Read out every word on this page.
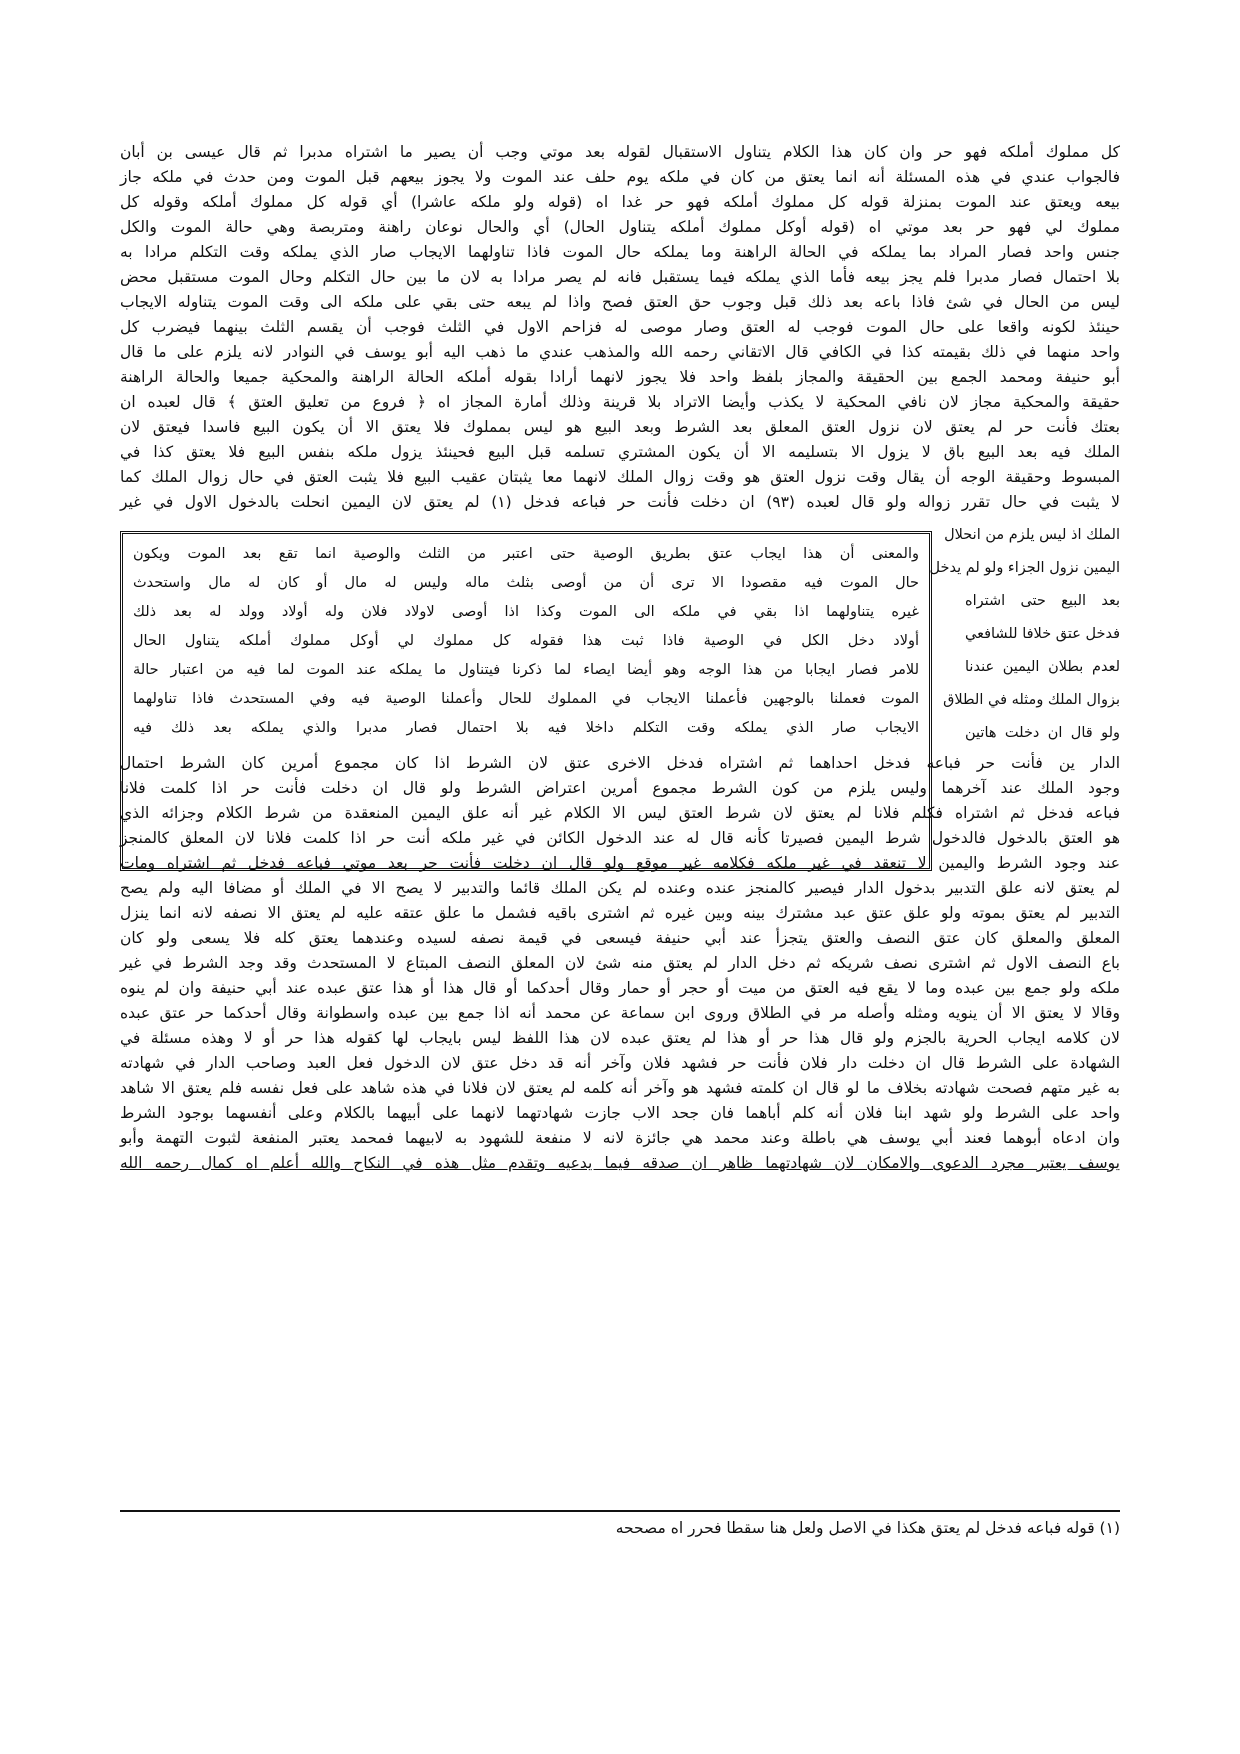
كل مملوك أملكه فهو حر وان كان هذا الكلام يتناول الاستقبال لقوله بعد موتي وجب أن يصير ما اشتراه مدبرا ثم قال عيسى بن أبان
فالجواب عندي في هذه المسئلة أنه انما يعتق من كان في ملكه يوم حلف عند الموت ولا يجوز بيعهم قبل الموت ومن حدث في ملكه جاز
بيعه ويعتق عند الموت بمنزلة قوله كل مملوك أملكه فهو حر غدا اه (قوله ولو ملكه عاشرا) أي قوله كل مملوك أملكه وقوله كل
مملوك لي فهو حر بعد موتي اه (قوله أوكل مملوك أملكه يتناول الحال) أي والحال نوعان راهنة ومتربصة وهي حالة الموت والكل
جنس واحد فصار المراد بما يملكه في الحالة الراهنة وما يملكه حال الموت فاذا تناولهما الايجاب صار الذي يملكه وقت التكلم مرادا به
بلا احتمال فصار مدبرا فلم يجز بيعه فأما الذي يملكه فيما يستقبل فانه لم يصر مرادا به لان ما بين حال التكلم وحال الموت مستقبل محض
ليس من الحال في شئ فاذا باعه بعد ذلك قبل وجوب حق العتق فصح واذا لم يبعه حتى بقي على ملكه الى وقت الموت يتناوله الايجاب
حينئذ لكونه واقعا على حال الموت فوجب له العتق وصار موصى له فزاحم الاول في الثلث فوجب أن يقسم الثلث بينهما فيضرب كل
واحد منهما في ذلك بقيمته كذا في الكافي قال الاتقاني رحمه الله والمذهب عندي ما ذهب اليه أبو يوسف في النوادر لانه يلزم على ما قال
أبو حنيفة ومحمد الجمع بين الحقيقة والمجاز بلفظ واحد فلا يجوز لانهما أرادا بقوله أملكه الحالة الراهنة والمحكية جميعا والحالة الراهنة
حقيقة والمحكية مجاز لان نافي المحكية لا يكذب وأيضا الاتراد بلا قرينة وذلك أمارة المجاز اه ﴿ فروع من تعليق العتق ﴾ قال لعبده ان
بعتك فأنت حر لم يعتق لان نزول العتق المعلق بعد الشرط وبعد البيع هو ليس بمملوك فلا يعتق الا أن يكون البيع فاسدا فيعتق لان
الملك فيه بعد البيع باق لا يزول الا بتسليمه الا أن يكون المشتري تسلمه قبل البيع فحينئذ يزول ملكه بنفس البيع فلا يعتق كذا في
المبسوط وحقيقة الوجه أن يقال وقت نزول العتق هو وقت زوال الملك لانهما معا يثبتان عقيب البيع فلا يثبت العتق في حال زوال الملك كما
لا يثبت في حال تقرر زواله ولو قال لعبده (٩٣) ان دخلت فأنت حر فباعه فدخل (١) لم يعتق لان اليمين انحلت بالدخول الاول في غير
الملك اذ ليس يلزم من انحلال
اليمين نزول الجزاء ولو لم يدخل
بعد البيع حتى اشتراه
فدخل عتق خلافا للشافعي
لعدم بطلان اليمين عندنا
بزوال الملك ومثله في الطلاق
ولو قال ان دخلت هاتين
والمعنى أن هذا ايجاب عتق بطريق الوصية حتى اعتبر من الثلث والوصية انما تقع بعد الموت ويكون
حال الموت فيه مقصودا الا ترى أن من أوصى بثلث ماله وليس له مال أو كان له مال واستحدث
غيره يتناولهما اذا بقي في ملكه الى الموت وكذا اذا أوصى لاولاد فلان وله أولاد وولد له بعد ذلك
أولاد دخل الكل في الوصية فاذا ثبت هذا فقوله كل مملوك لي أوكل مملوك أملكه يتناول الحال
للامر فصار ايجابا من هذا الوجه وهو أيضا ايصاء لما ذكرنا فيتناول ما يملكه عند الموت لما فيه من اعتبار حالة
الموت فعملنا بالوجهين فأعملنا الايجاب في المملوك للحال وأعملنا الوصية فيه وفي المستحدث فاذا تناولهما
الايجاب صار الذي يملكه وقت التكلم داخلا فيه بلا احتمال فصار مدبرا والذي يملكه بعد ذلك فيه
الدار ين فأنت حر فباعه فدخل احداهما ثم اشتراه فدخل الاخرى عتق لان الشرط اذا كان مجموع أمرين كان الشرط احتمال
وجود الملك عند آخرهما وليس يلزم من كون الشرط مجموع أمرين اعتراض الشرط ولو قال ان دخلت فأنت حر اذا كلمت فلانا
فباعه فدخل ثم اشتراه فكلم فلانا لم يعتق لان شرط العتق ليس الا الكلام غير أنه علق اليمين المنعقدة من شرط الكلام وجزائه الذي
هو العتق بالدخول فالدخول شرط اليمين فصيرتا كأنه قال له عند الدخول الكائن في غير ملكه أنت حر اذا كلمت فلانا لان المعلق كالمنجز
عند وجود الشرط واليمين لا تنعقد في غير ملكه فكلامه غير موقع ولو قال ان دخلت فأنت حر بعد موتي فباعه فدخل ثم اشتراه ومات
لم يعتق لانه علق التدبير بدخول الدار فيصير كالمنجز عنده وعنده لم يكن الملك قائما والتدبير لا يصح الا في الملك أو مضافا اليه ولم يصح
التدبير لم يعتق بموته ولو علق عتق عبد مشترك بينه وبين غيره ثم اشترى باقيه فشمل ما علق عتقه عليه لم يعتق الا نصفه لانه انما ينزل
المعلق والمعلق كان عتق النصف والعتق يتجزأ عند أبي حنيفة فيسعى في قيمة نصفه لسيده وعندهما يعتق كله فلا يسعى ولو كان
باع النصف الاول ثم اشترى نصف شريكه ثم دخل الدار لم يعتق منه شئ لان المعلق النصف المبتاع لا المستحدث وقد وجد الشرط في غير
ملكه ولو جمع بين عبده وما لا يقع فيه العتق من ميت أو حجر أو حمار وقال أحدكما أو قال هذا أو هذا عتق عبده عند أبي حنيفة وان لم ينوه
وقالا لا يعتق الا أن ينويه ومثله وأصله مر في الطلاق وروى ابن سماعة عن محمد أنه اذا جمع بين عبده واسطوانة وقال أحدكما حر عتق عبده
لان كلامه ايجاب الحرية بالجزم ولو قال هذا حر أو هذا لم يعتق عبده لان هذا اللفظ ليس بايجاب لها كقوله هذا حر أو لا وهذه مسئلة في
الشهادة على الشرط قال ان دخلت دار فلان فأنت حر فشهد فلان وآخر أنه قد دخل عتق لان الدخول فعل العبد وصاحب الدار في شهادته
به غير متهم فصحت شهادته بخلاف ما لو قال ان كلمته فشهد هو وآخر أنه كلمه لم يعتق لان فلانا في هذه شاهد على فعل نفسه فلم يعتق الا شاهد
واحد على الشرط ولو شهد ابنا فلان أنه كلم أباهما فان جحد الاب جازت شهادتهما لانهما على أبيهما بالكلام وعلى أنفسهما بوجود الشرط
وان ادعاه أبوهما فعند أبي يوسف هي باطلة وعند محمد هي جائزة لانه لا منفعة للشهود به لابيهما فمحمد يعتبر المنفعة لثبوت التهمة وأبو
يوسف يعتبر مجرد الدعوى والامكان لان شهادتهما ظاهر ان صدقه فيما يدعيه وتقدم مثل هذه في النكاح والله أعلم اه كمال رحمه الله
(١) قوله فباعه فدخل لم يعتق هكذا في الاصل ولعل هنا سقطا فحرر اه مصححه
